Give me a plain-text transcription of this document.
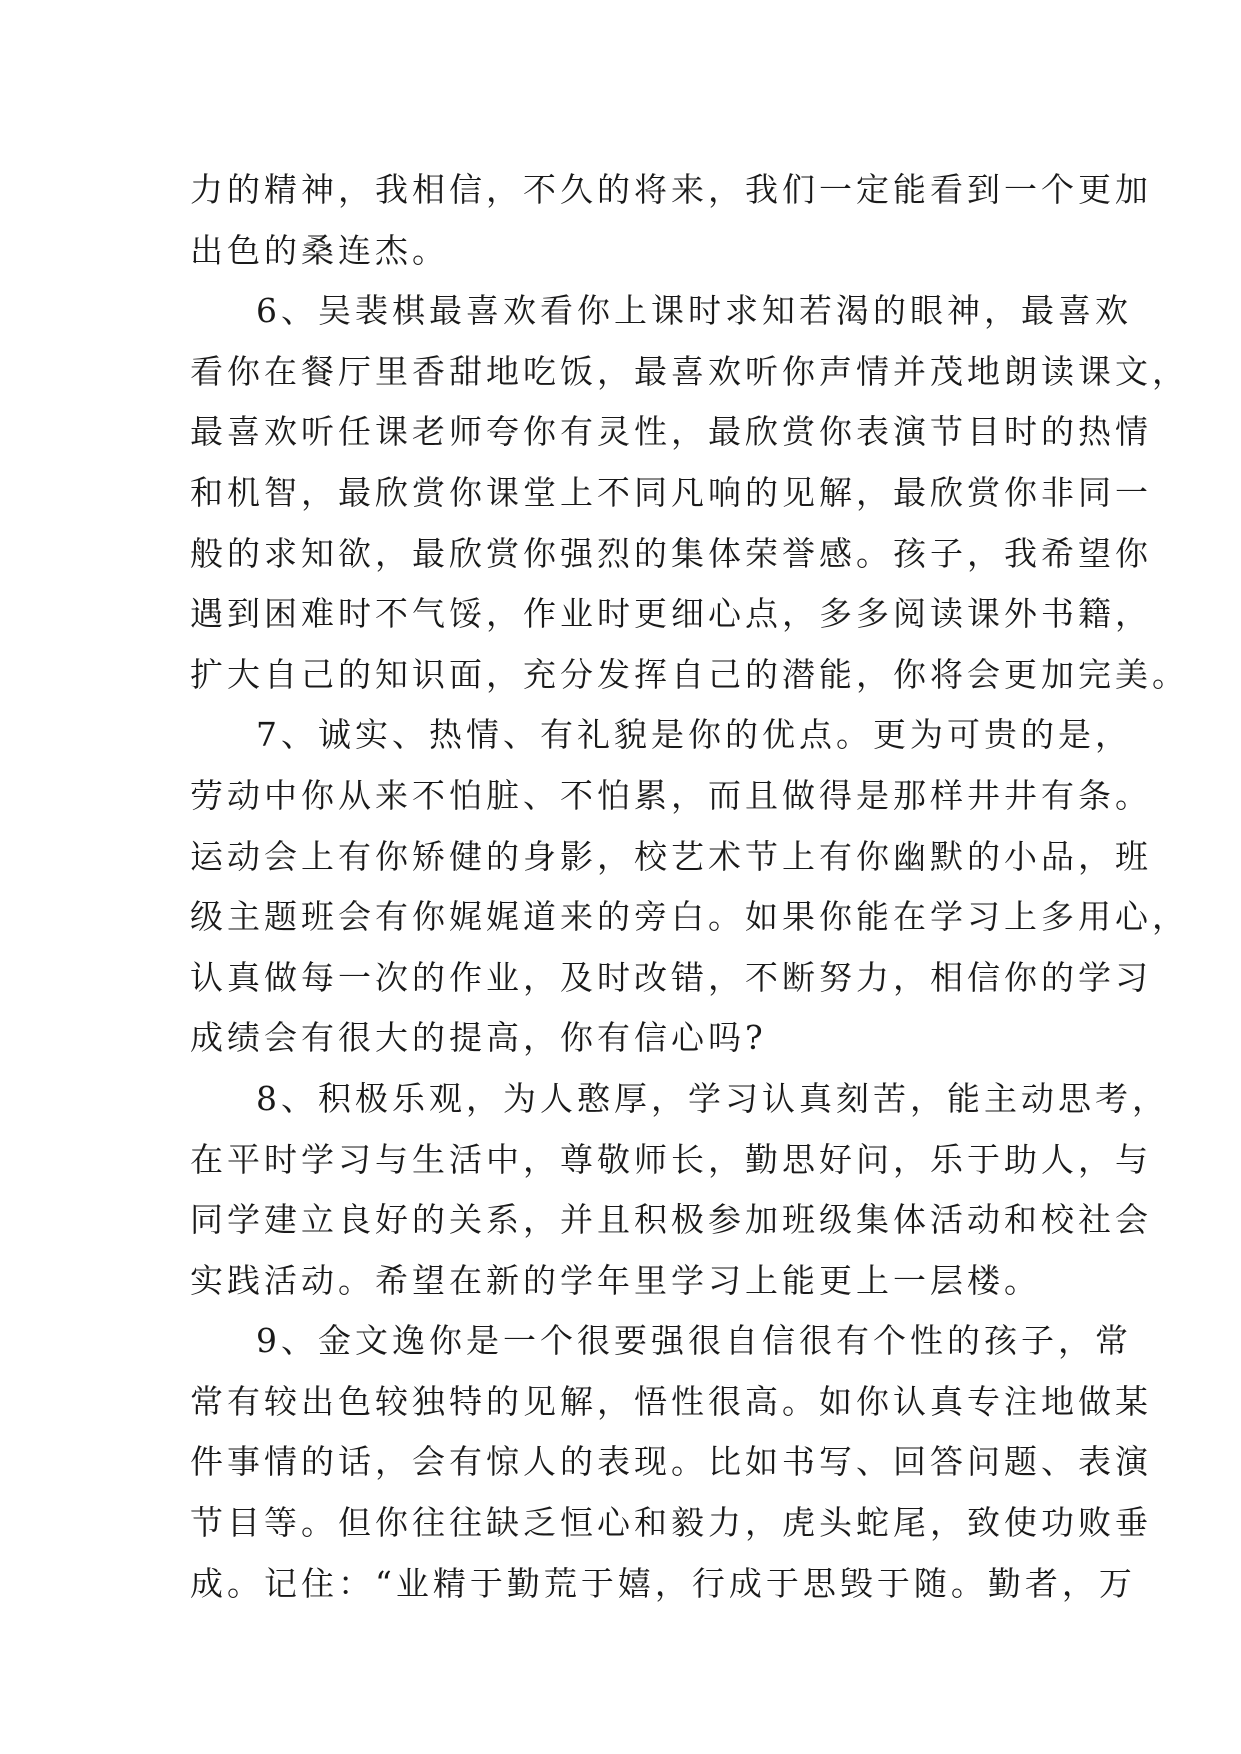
力的精神，我相信，不久的将来，我们一定能看到一个更加
出色的桑连杰。
6、吴裴棋最喜欢看你上课时求知若渴的眼神，最喜欢
看你在餐厅里香甜地吃饭，最喜欢听你声情并茂地朗读课文，
最喜欢听任课老师夸你有灵性，最欣赏你表演节目时的热情
和机智，最欣赏你课堂上不同凡响的见解，最欣赏你非同一
般的求知欲，最欣赏你强烈的集体荣誉感。孩子，我希望你
遇到困难时不气馁，作业时更细心点，多多阅读课外书籍，
扩大自己的知识面，充分发挥自己的潜能，你将会更加完美。
7、诚实、热情、有礼貌是你的优点。更为可贵的是，
劳动中你从来不怕脏、不怕累，而且做得是那样井井有条。
运动会上有你矫健的身影，校艺术节上有你幽默的小品，班
级主题班会有你娓娓道来的旁白。如果你能在学习上多用心，
认真做每一次的作业，及时改错，不断努力，相信你的学习
成绩会有很大的提高，你有信心吗?
8、积极乐观，为人憨厚，学习认真刻苦，能主动思考，
在平时学习与生活中，尊敬师长，勤思好问，乐于助人，与
同学建立良好的关系，并且积极参加班级集体活动和校社会
实践活动。希望在新的学年里学习上能更上一层楼。
9、金文逸你是一个很要强很自信很有个性的孩子，常
常有较出色较独特的见解，悟性很高。如你认真专注地做某
件事情的话，会有惊人的表现。比如书写、回答问题、表演
节目等。但你往往缺乏恒心和毅力，虎头蛇尾，致使功败垂
成。记住：“业精于勤荒于嬉，行成于思毁于随。勤者，万
